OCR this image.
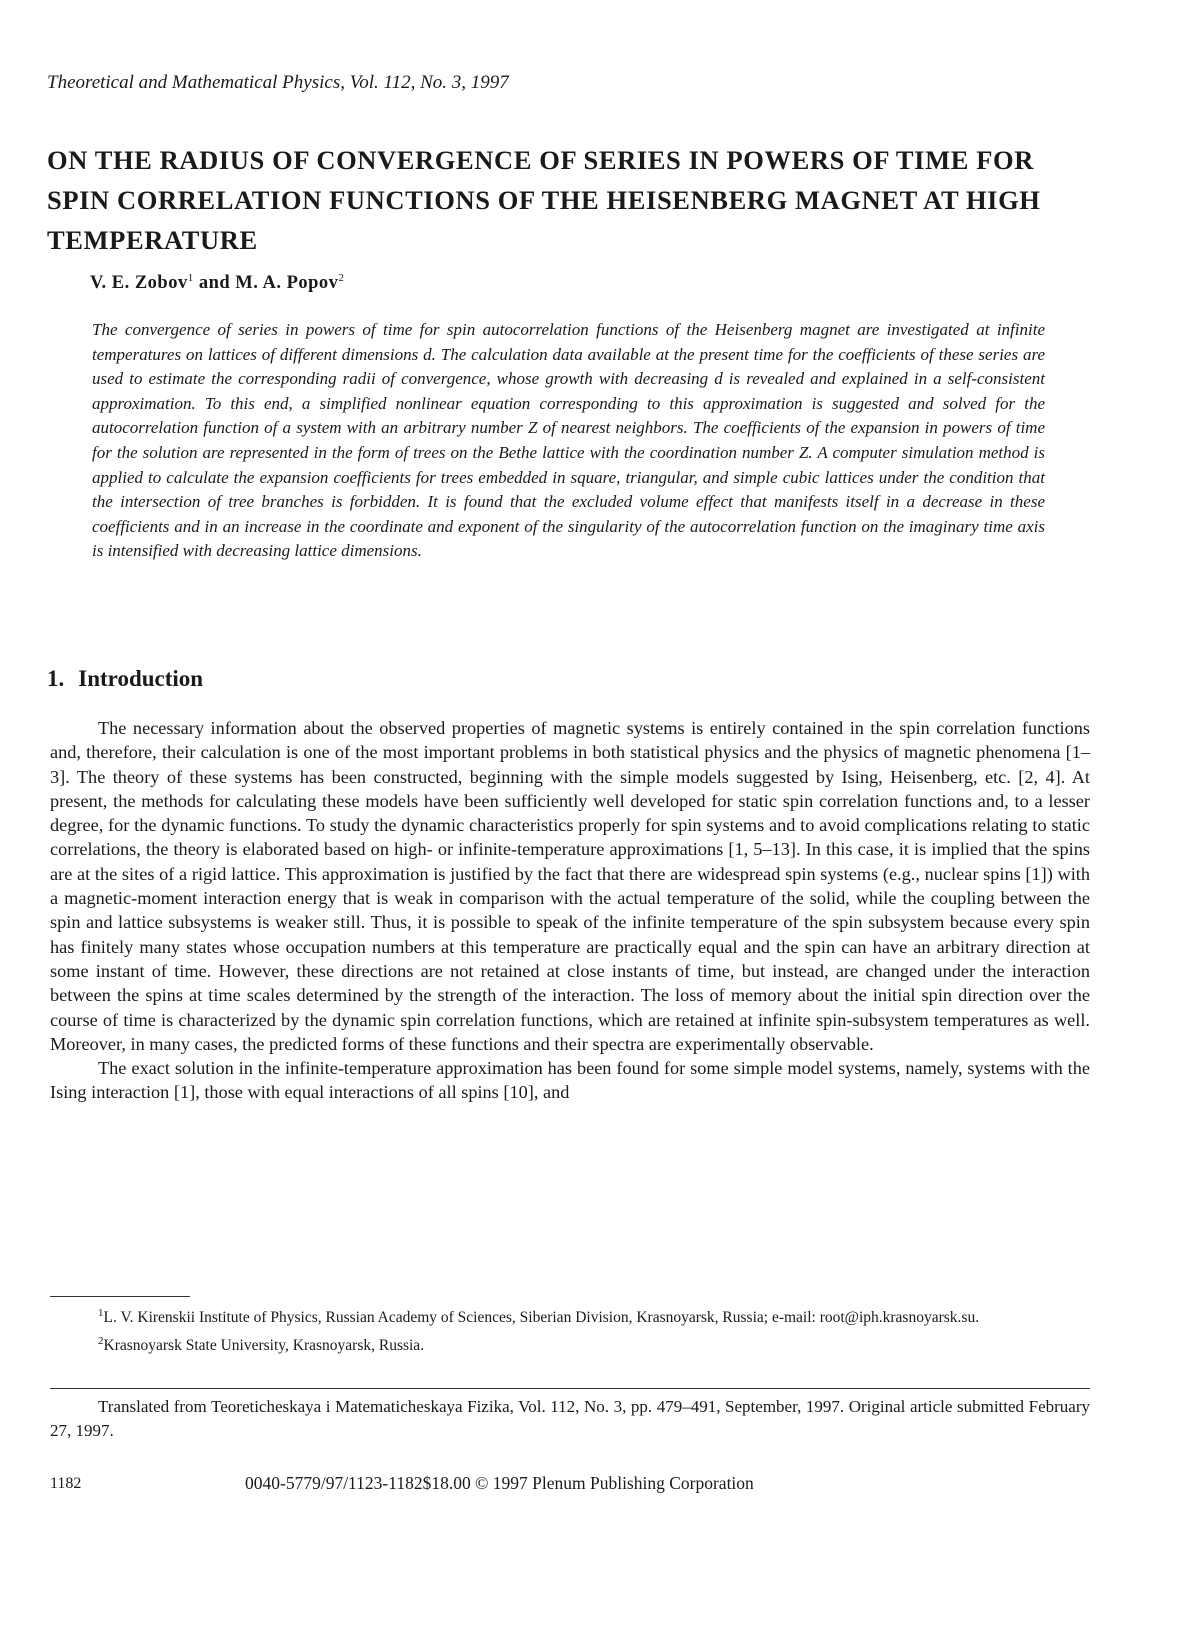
Theoretical and Mathematical Physics, Vol. 112, No. 3, 1997
ON THE RADIUS OF CONVERGENCE OF SERIES IN POWERS OF TIME FOR SPIN CORRELATION FUNCTIONS OF THE HEISENBERG MAGNET AT HIGH TEMPERATURE
V. E. Zobov$^1$ and M. A. Popov$^2$
The convergence of series in powers of time for spin autocorrelation functions of the Heisenberg magnet are investigated at infinite temperatures on lattices of different dimensions d. The calculation data available at the present time for the coefficients of these series are used to estimate the corresponding radii of convergence, whose growth with decreasing d is revealed and explained in a self-consistent approximation. To this end, a simplified nonlinear equation corresponding to this approximation is suggested and solved for the autocorrelation function of a system with an arbitrary number Z of nearest neighbors. The coefficients of the expansion in powers of time for the solution are represented in the form of trees on the Bethe lattice with the coordination number Z. A computer simulation method is applied to calculate the expansion coefficients for trees embedded in square, triangular, and simple cubic lattices under the condition that the intersection of tree branches is forbidden. It is found that the excluded volume effect that manifests itself in a decrease in these coefficients and in an increase in the coordinate and exponent of the singularity of the autocorrelation function on the imaginary time axis is intensified with decreasing lattice dimensions.
1. Introduction

The necessary information about the observed properties of magnetic systems is entirely contained in the spin correlation functions and, therefore, their calculation is one of the most important problems in both statistical physics and the physics of magnetic phenomena [1–3]. The theory of these systems has been constructed, beginning with the simple models suggested by Ising, Heisenberg, etc. [2, 4]. At present, the methods for calculating these models have been sufficiently well developed for static spin correlation functions and, to a lesser degree, for the dynamic functions. To study the dynamic characteristics properly for spin systems and to avoid complications relating to static correlations, the theory is elaborated based on high- or infinite-temperature approximations [1, 5–13]. In this case, it is implied that the spins are at the sites of a rigid lattice. This approximation is justified by the fact that there are widespread spin systems (e.g., nuclear spins [1]) with a magnetic-moment interaction energy that is weak in comparison with the actual temperature of the solid, while the coupling between the spin and lattice subsystems is weaker still. Thus, it is possible to speak of the infinite temperature of the spin subsystem because every spin has finitely many states whose occupation numbers at this temperature are practically equal and the spin can have an arbitrary direction at some instant of time. However, these directions are not retained at close instants of time, but instead, are changed under the interaction between the spins at time scales determined by the strength of the interaction. The loss of memory about the initial spin direction over the course of time is characterized by the dynamic spin correlation functions, which are retained at infinite spin-subsystem temperatures as well. Moreover, in many cases, the predicted forms of these functions and their spectra are experimentally observable.

The exact solution in the infinite-temperature approximation has been found for some simple model systems, namely, systems with the Ising interaction [1], those with equal interactions of all spins [10], and

$^1$L. V. Kirenskii Institute of Physics, Russian Academy of Sciences, Siberian Division, Krasnoyarsk, Russia; e-mail: root@iph.krasnoyarsk.su.

$^2$Krasnoyarsk State University, Krasnoyarsk, Russia.

Translated from Teoreticheskaya i Matematicheskaya Fizika, Vol. 112, No. 3, pp. 479–491, September, 1997. Original article submitted February 27, 1997.

1182	0040-5779/97/1123-1182$18.00 © 1997 Plenum Publishing Corporation
